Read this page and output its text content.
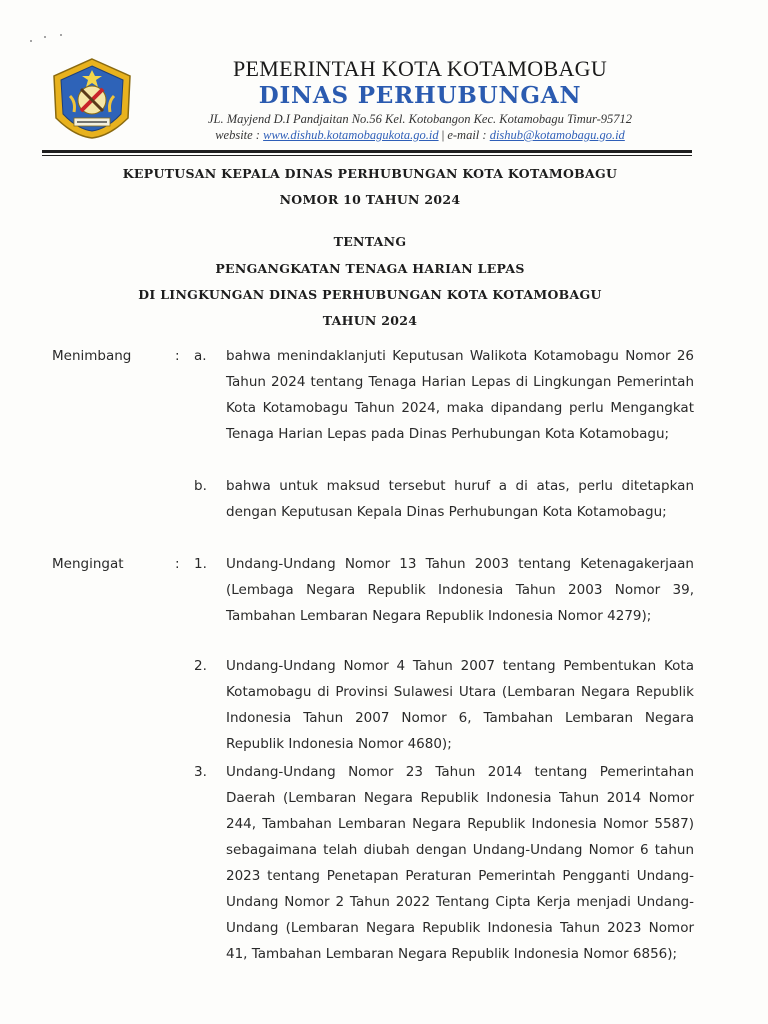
PEMERINTAH KOTA KOTAMOBAGU
DINAS PERHUBUNGAN
JL. Mayjend D.I Pandjaitan No.56 Kel. Kotobangon Kec. Kotamobagu Timur-95712
website : www.dishub.kotamobagukota.go.id | e-mail : dishub@kotamobagu.go.id
KEPUTUSAN KEPALA DINAS PERHUBUNGAN KOTA KOTAMOBAGU
NOMOR 10 TAHUN 2024
TENTANG
PENGANGKATAN TENAGA HARIAN LEPAS
DI LINGKUNGAN DINAS PERHUBUNGAN KOTA KOTAMOBAGU
TAHUN 2024
Menimbang	: a. bahwa menindaklanjuti Keputusan Walikota Kotamobagu Nomor 26 Tahun 2024 tentang Tenaga Harian Lepas di Lingkungan Pemerintah Kota Kotamobagu Tahun 2024, maka dipandang perlu Mengangkat Tenaga Harian Lepas pada Dinas Perhubungan Kota Kotamobagu;
b. bahwa untuk maksud tersebut huruf a di atas, perlu ditetapkan dengan Keputusan Kepala Dinas Perhubungan Kota Kotamobagu;
Mengingat	: 1. Undang-Undang Nomor 13 Tahun 2003 tentang Ketenagakerjaan (Lembaga Negara Republik Indonesia Tahun 2003 Nomor 39, Tambahan Lembaran Negara Republik Indonesia Nomor 4279);
2. Undang-Undang Nomor 4 Tahun 2007 tentang Pembentukan Kota Kotamobagu di Provinsi Sulawesi Utara (Lembaran Negara Republik Indonesia Tahun 2007 Nomor 6, Tambahan Lembaran Negara Republik Indonesia Nomor 4680);
3. Undang-Undang Nomor 23 Tahun 2014 tentang Pemerintahan Daerah (Lembaran Negara Republik Indonesia Tahun 2014 Nomor 244, Tambahan Lembaran Negara Republik Indonesia Nomor 5587) sebagaimana telah diubah dengan Undang-Undang Nomor 6 tahun 2023 tentang Penetapan Peraturan Pemerintah Pengganti Undang-Undang Nomor 2 Tahun 2022 Tentang Cipta Kerja menjadi Undang-Undang (Lembaran Negara Republik Indonesia Tahun 2023 Nomor 41, Tambahan Lembaran Negara Republik Indonesia Nomor 6856);
